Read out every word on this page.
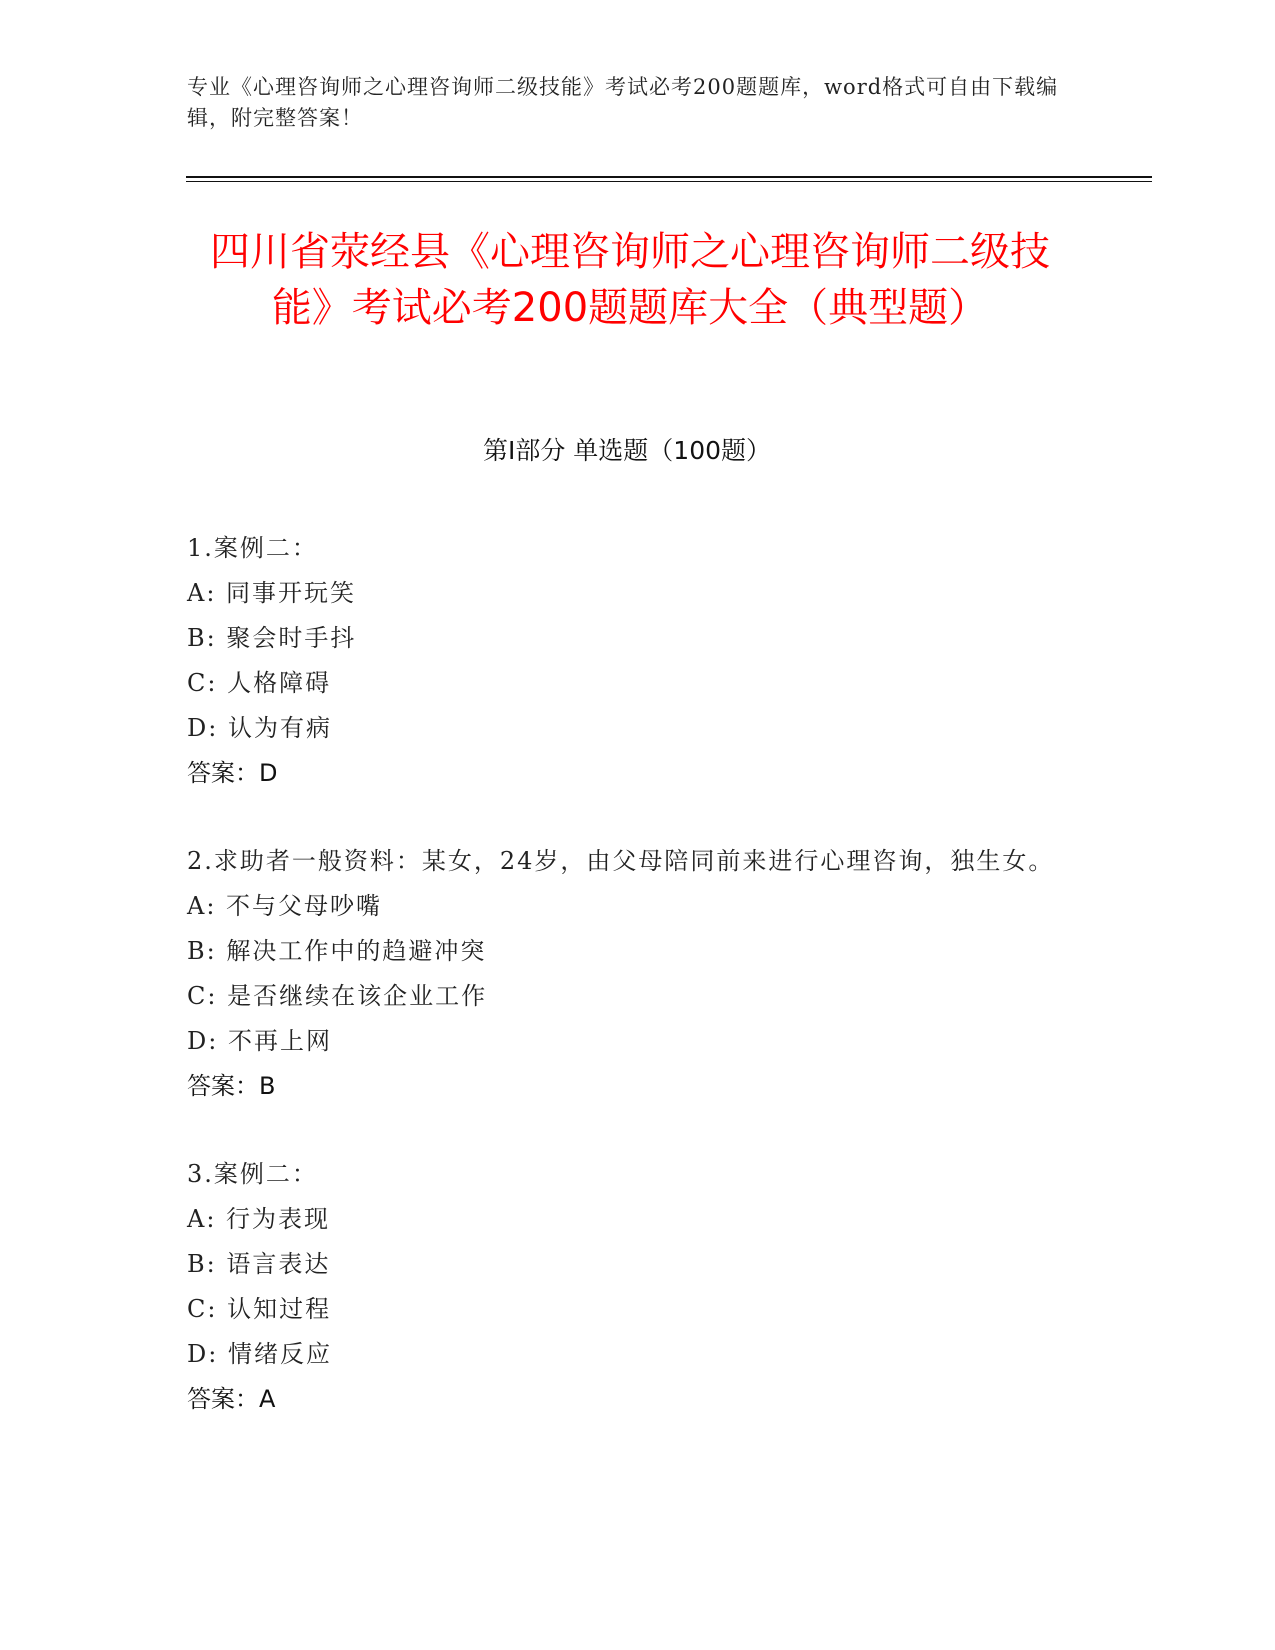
专业《心理咨询师之心理咨询师二级技能》考试必考200题题库，word格式可自由下载编辑，附完整答案！
四川省荥经县《心理咨询师之心理咨询师二级技能》考试必考200题题库大全（典型题）
第I部分 单选题（100题）
1.案例二：
A: 同事开玩笑
B: 聚会时手抖
C: 人格障碍
D: 认为有病
答案：D
2.求助者一般资料：某女，24岁，由父母陪同前来进行心理咨询，独生女。
A: 不与父母吵嘴
B: 解决工作中的趋避冲突
C: 是否继续在该企业工作
D: 不再上网
答案：B
3.案例二：
A: 行为表现
B: 语言表达
C: 认知过程
D: 情绪反应
答案：A
